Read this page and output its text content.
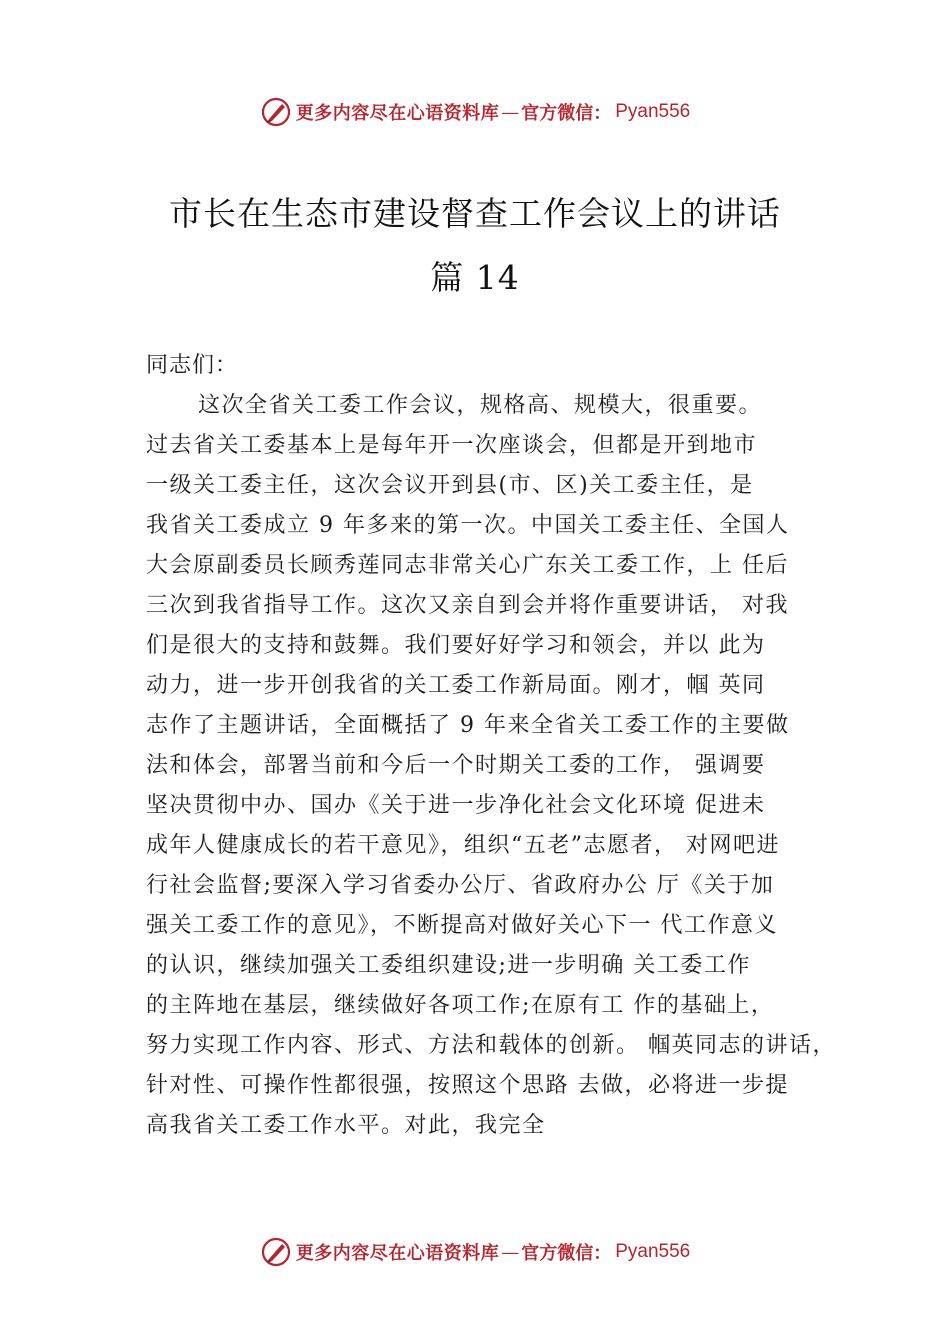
更多内容尽在心语资料库 — 官方微信： Pyan556
市长在生态市建设督查工作会议上的讲话
篇 14
同志们：
这次全省关工委工作会议，规格高、规模大，很重要。
过去省关工委基本上是每年开一次座谈会，但都是开到地市
一级关工委主任，这次会议开到县(市、区)关工委主任，是
我省关工委成立 9 年多来的第一次。中国关工委主任、全国人
大会原副委员长顾秀莲同志非常关心广东关工委工作，上 任后
三次到我省指导工作。这次又亲自到会并将作重要讲话， 对我
们是很大的支持和鼓舞。我们要好好学习和领会，并以 此为
动力，进一步开创我省的关工委工作新局面。刚才，帼 英同
志作了主题讲话，全面概括了 9 年来全省关工委工作的主要做
法和体会，部署当前和今后一个时期关工委的工作， 强调要
坚决贯彻中办、国办《关于进一步净化社会文化环境 促进未
成年人健康成长的若干意见》，组织“五老”志愿者， 对网吧进
行社会监督;要深入学习省委办公厅、省政府办公 厅《关于加
强关工委工作的意见》，不断提高对做好关心下一 代工作意义
的认识，继续加强关工委组织建设;进一步明确 关工委工作
的主阵地在基层，继续做好各项工作;在原有工 作的基础上，
努力实现工作内容、形式、方法和载体的创新。 帼英同志的讲话，
针对性、可操作性都很强，按照这个思路 去做，必将进一步提
高我省关工委工作水平。对此，我完全
更多内容尽在心语资料库 — 官方微信： Pyan556
